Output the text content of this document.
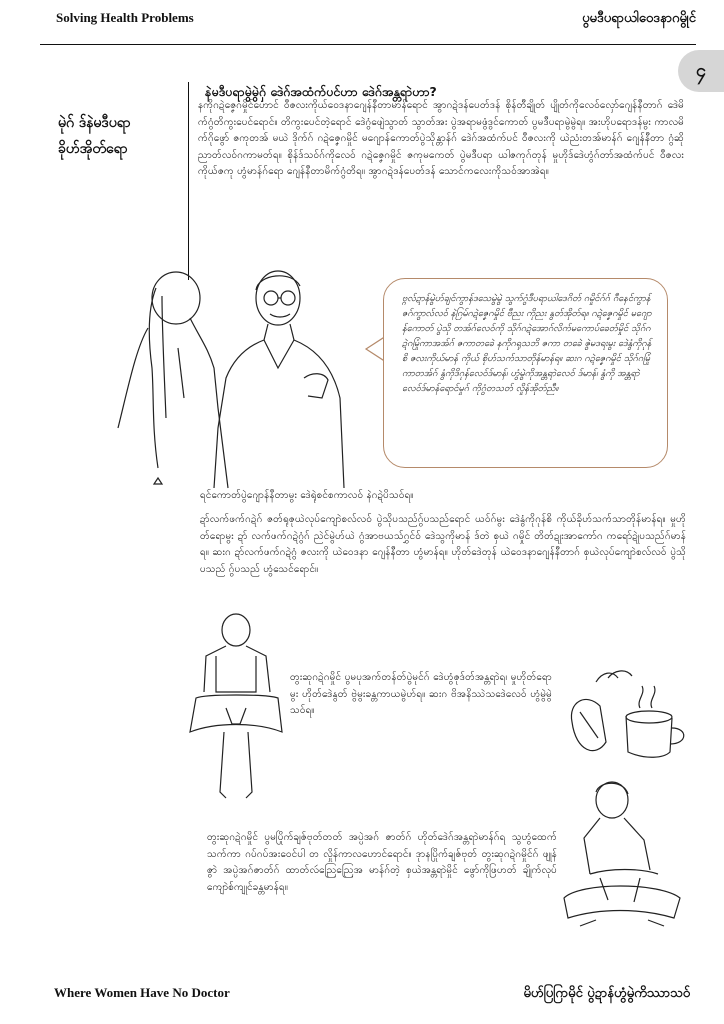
Solving Health Problems	ပွမဒီပရာယါဝေဒနာဂမွိုင်
၄
မုဲဂ် ဒ်နဲမဒီပရာ
ခိုဟ်အိုတ်ရော
နဲမဒီပရာမွဲမွဲဂှ် ဒေဲဂ်အထံက်ပင်ဟာ ဒေဲဂ်အန္တရာဲဟာ?
နကိုဂဍဲဇၞေဂမှိုင်ဟောင် ဝီဇလးကိုယ်ဝေဒနာဂျေန်နီတာမာန်ရောင် အွာဂဍဲဒန်ပေတ်ဒန် စိုန်တီချိုတ် ပျိုတ်ကိုလေဝ်လှော်ဂျေန်နီတာဂ် ဒေဲမိက်ဂွံတိကွးပေင်ရောင်။ တိကွးပေင်တဲ့ရောင် ဒေဲဂွံဖျေဲသွာတ် သွာတ်အး ပွဲအရာမဖွံဒွင်ကောတ် ပွမဒီပရာမွဲမွဲရ။ အးဟိုပရောဒန်မွး ကာလမိက်ဂိုဖွော် ဇကုတအ် မယဲ ဒိုက်ဂ် ဂဍဲဇၞေဂမှိုင် မဂျောန်ကောတ်ပွဲသိုန္တာန်ဂ် ဒေဲဂ်အထံက်ပင် ဝီဇလးကို ယဲညံးတအ်မာန်ဂ် ဂျေန်နီတာ ဂွံဆိုညာတ်လဝ်ဂကာမတ်ရ။ စိုန်ဒ်သဝ်ဂ်ကိုလေဝ် ဂဍဲဇၞေဂမှိုင် ဇကုမဂောတ် ပွဲမဒီပရာ ယါဇကုဂ်တုန် မှုဟိုဒ်ဒေဲဟွံဂ်တာ်အထံက်ပင် ဝီဇလးကိုယ်ဇကု ဟွံမာန်ဂ်ရော ဂျေန်နီတာမိက်ဂွံတိရ။ အွာဂဍဲဒန်ပေတ်ဒန် သောင်ကလေးကိုသဝ်အာအဲရ။
ဗ္ဂလ်ဍာန်မွဲဟ်ချင်ကွာန်ဒသေမွဲမွဲ သွက်ဂွံဒီပရာယါဒေဂိတ် ဂမှိုင်ဂ်ဂ် ဂီနေင်ကွာန်ဇဂ်ကွာလ်လဝ် နဲဂြမ်ဂဍဲဇၞေဂမှိုင် ဗီညး ကိုညး နွတ်အိုတ်ရ။ ဂဍဲဇၞေဂမှိုင် မဂျောန်ကောတ် ပွဲသို တအ်ဂ်လေဝ်ကို သိုဂ်ဂဍဲအောဂ်လိက်မကောပ်ခေတ်မှိုင် သိုဂ်ဂဍဲဂမြုံကာအအ်ဂ် ဇကာတခေဲ နကိုဂရုသဘိ ဇကာ တခေဲ ဇွဲမဒရးမွး ဒေဲနွံကိုဂုန်စိ ဇလးကိုယ်မာန် ကိုယ် စိုဟ်သက်သာတိုန်မာန်ရ။ ဆးဂ ဂဍဲဇၞေဂမှိုင် သိုဂ်ဂမြုံ ကာတအ်ဂ် နွံကိုဒိဂုန်လေဝ်ဒ်မာန်၊ ဟွံမွဲကိုအန္တရာဲလေဝ် ဒ်မာန်၊ နွံကို အန္တရာဲလေဝ်ဒ်မာန်ရောင်မှုဂ် ကိုဂွံတသတ် လှိုန်အိုတ်ညီ။
ရင်ကောတ်ပွဲဂျောန်နီတာမွး ဒေဲရုဲစင်စကာလဝ် နဲဂဍဲပိသဝ်ရ။
ဍာ်လက်ဖက်ဂဍဲဂ် ဇတ်ရုဇုယဲလုပ်ကျောဲစလ်လဝ် ပွဲသိုပသည်ဂွ်ပသည်ရောင် ယဝ်ဂ်မွး ဒေဲနွံကိုဂုန်စိ ကိုယ်ခိုဟ်သက်သာတိုန်မာန်ရ။ မှုဟိုတ်ရောမွး ဍာ် လက်ဖက်ဂဍဲဂွံဂ် ညဲင်မွဲဟ်ယဲ ဂွံအာဗယသ်ဂွှင်ဝ် ဒေဲသွကိုမာန် ဒ်တဲ စှယဲ ဂမှိုင် တိတ်ဍုးအာကော်ဂ ကရော်ဍုဲပသည်ဂ်မာန်ရ။ ဆးဂ ဍာ်လက်ဖက်ဂဍဲဂွံ ဇလးကို ယဲဝေဒနာ ဂျေန်နီတာ ဟွံမာန်ရ။ ဟိုတ်ဒေဲတုန် ယဲဝေဒနာဂျေန်နီတာဂ် စှယဲလုပ်ကျောဲစလ်လဝ် ပွဲသိုပသည် ဂွ်ပသည် ဟွံသေင်ရောင်။
တွးဆုဂဍဲဂမှိုင် ပွမပုအက်တန်တ်ပွဲမုင်ဂ် ဒေဲဟွံဇုဒ်တ်အန္တရာဲရ၊ မှုဟိုတ်ရောမွး ဟိုတ်ဒေဲနွတ် ဗွဲမွးခန္တကာယမွဲဟ်ရ။ ဆးဂ ဗိအနိဿဲသဒေဲလေဝ် ဟွံမွဲမွဲသဝ်ရ။
တွးဆုဂဍဲဂမှိုင် ပွမပြိုက်ချဇ်ဗုတ်တတ် အပ္ပဲအဂ် ဇာတ်ဂ် ဟိုတ်ဒေဲဂ်အန္တရာဲမာန်ဂ်ရ သွဟွံထေက်သက်ကာ ဂပ်ဂပ်အးဝေင်ပါ တ လှိုန်ကာလဟောင်ရောင်။ ဒုာနပြိုက်ချဇ်ဗုတ် တွးဆုဂဍဲဂမှိုင်ဂ် ဖျုန်ဇွာဲ အပ္ပဲအဂ်ဇာတ်ဂ် ထာတ်လဴညြေညြေအ မာန်ဂ်တဲ့ စှယဲအန္တရာဲမှိုင် ဖွော်ကိုဖြဟတ် ချိုက်လုပ်ကျောဲစ်ကျုင်ခန္တမာန်ရ။
Where Women Have No Doctor	မိဟ်ပြဂြာမိုင် ပွဲဍာန်ဟွံမွဲကိဿာသဝ်
